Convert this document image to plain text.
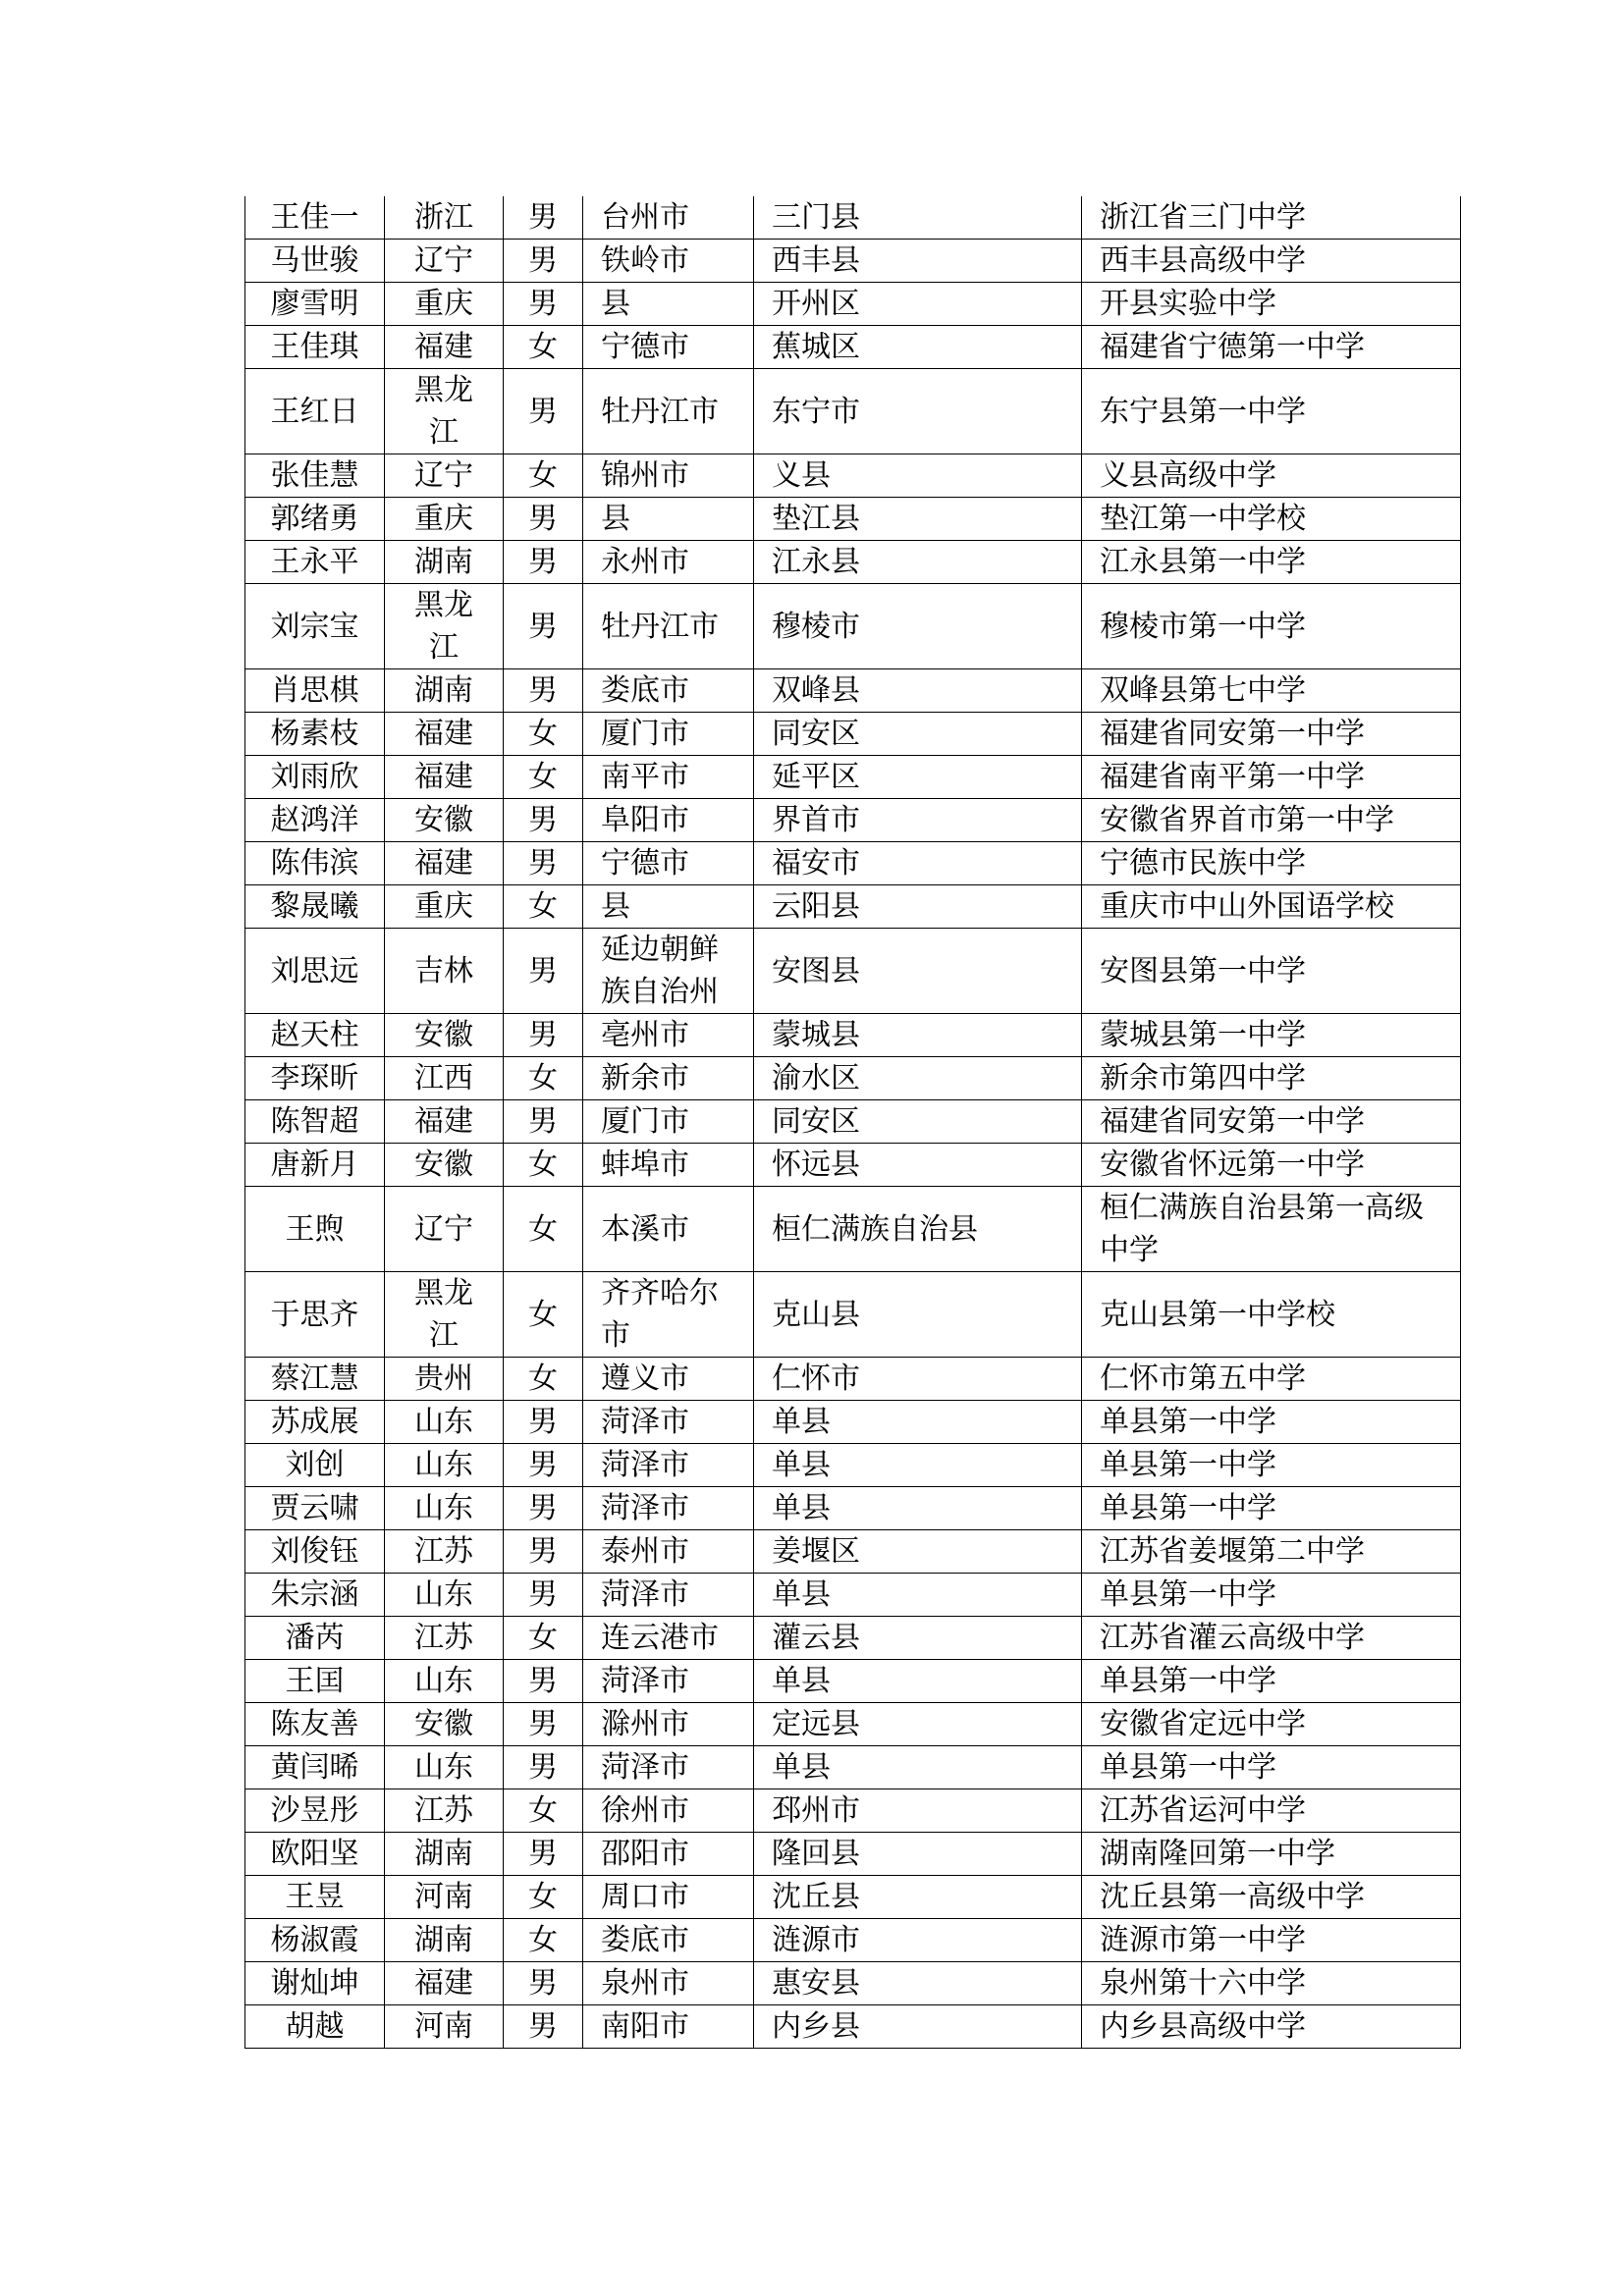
王佳一	浙江	男	台州市	三门县	浙江省三门中学
马世骏	辽宁	男	铁岭市	西丰县	西丰县高级中学
廖雪明	重庆	男	县	开州区	开县实验中学
王佳琪	福建	女	宁德市	蕉城区	福建省宁德第一中学
王红日	黑龙江	男	牡丹江市	东宁市	东宁县第一中学
张佳慧	辽宁	女	锦州市	义县	义县高级中学
郭绪勇	重庆	男	县	垫江县	垫江第一中学校
王永平	湖南	男	永州市	江永县	江永县第一中学
刘宗宝	黑龙江	男	牡丹江市	穆棱市	穆棱市第一中学
肖思棋	湖南	男	娄底市	双峰县	双峰县第七中学
杨素枝	福建	女	厦门市	同安区	福建省同安第一中学
刘雨欣	福建	女	南平市	延平区	福建省南平第一中学
赵鸿洋	安徽	男	阜阳市	界首市	安徽省界首市第一中学
陈伟滨	福建	男	宁德市	福安市	宁德市民族中学
黎晟曦	重庆	女	县	云阳县	重庆市中山外国语学校
刘思远	吉林	男	延边朝鲜族自治州	安图县	安图县第一中学
赵天柱	安徽	男	亳州市	蒙城县	蒙城县第一中学
李琛昕	江西	女	新余市	渝水区	新余市第四中学
陈智超	福建	男	厦门市	同安区	福建省同安第一中学
唐新月	安徽	女	蚌埠市	怀远县	安徽省怀远第一中学
王煦	辽宁	女	本溪市	桓仁满族自治县	桓仁满族自治县第一高级中学
于思齐	黑龙江	女	齐齐哈尔市	克山县	克山县第一中学校
蔡江慧	贵州	女	遵义市	仁怀市	仁怀市第五中学
苏成展	山东	男	菏泽市	单县	单县第一中学
刘创	山东	男	菏泽市	单县	单县第一中学
贾云啸	山东	男	菏泽市	单县	单县第一中学
刘俊钰	江苏	男	泰州市	姜堰区	江苏省姜堰第二中学
朱宗涵	山东	男	菏泽市	单县	单县第一中学
潘芮	江苏	女	连云港市	灌云县	江苏省灌云高级中学
王囯	山东	男	菏泽市	单县	单县第一中学
陈友善	安徽	男	滁州市	定远县	安徽省定远中学
黄闫晞	山东	男	菏泽市	单县	单县第一中学
沙昱彤	江苏	女	徐州市	邳州市	江苏省运河中学
欧阳坚	湖南	男	邵阳市	隆回县	湖南隆回第一中学
王昱	河南	女	周口市	沈丘县	沈丘县第一高级中学
杨淑霞	湖南	女	娄底市	涟源市	涟源市第一中学
谢灿坤	福建	男	泉州市	惠安县	泉州第十六中学
胡越	河南	男	南阳市	内乡县	内乡县高级中学
